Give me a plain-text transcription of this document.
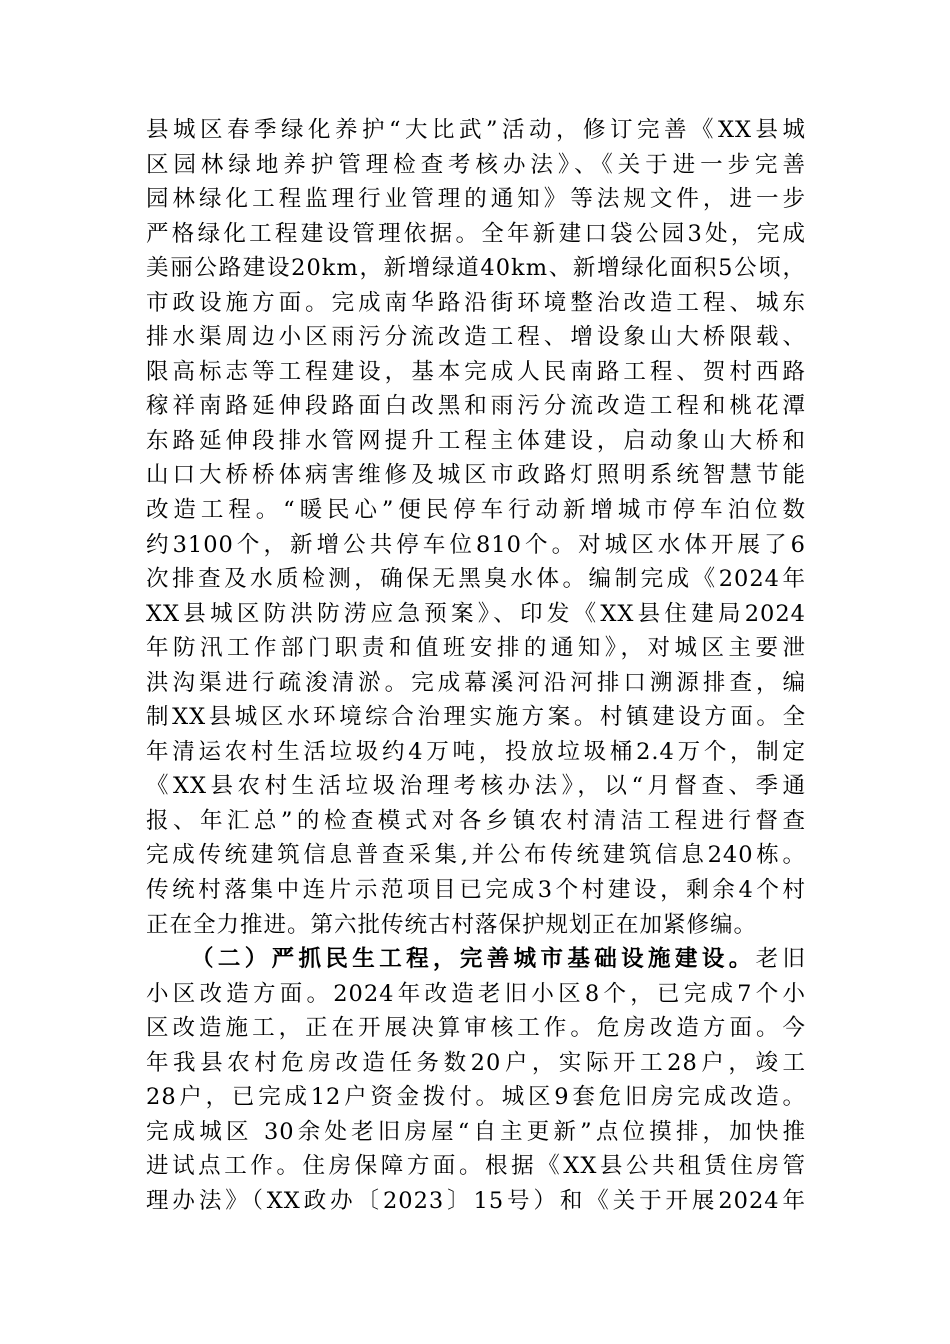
县城区春季绿化养护“大比武”活动，修订完善《XX县城
区园林绿地养护管理检查考核办法》、《关于进一步完善
园林绿化工程监理行业管理的通知》等法规文件，进一步
严格绿化工程建设管理依据。全年新建口袋公园3处，完成
美丽公路建设20km，新增绿道40km、新增绿化面积5公顷，
市政设施方面。完成南华路沿街环境整治改造工程、城东
排水渠周边小区雨污分流改造工程、增设象山大桥限载、
限高标志等工程建设，基本完成人民南路工程、贺村西路
稼祥南路延伸段路面白改黑和雨污分流改造工程和桃花潭
东路延伸段排水管网提升工程主体建设，启动象山大桥和
山口大桥桥体病害维修及城区市政路灯照明系统智慧节能
改造工程。“暖民心”便民停车行动新增城市停车泊位数
约3100个，新增公共停车位810个。对城区水体开展了6
次排查及水质检测，确保无黑臭水体。编制完成《2024年
XX县城区防洪防涝应急预案》、印发《XX县住建局2024
年防汛工作部门职责和值班安排的通知》，对城区主要泄
洪沟渠进行疏浚清淤。完成幕溪河沿河排口溯源排查，编
制XX县城区水环境综合治理实施方案。村镇建设方面。全
年清运农村生活垃圾约4万吨，投放垃圾桶2.4万个，制定
《XX县农村生活垃圾治理考核办法》，以“月督查、季通
报、年汇总”的检查模式对各乡镇农村清洁工程进行督查
完成传统建筑信息普查采集,并公布传统建筑信息240栋。
传统村落集中连片示范项目已完成3个村建设，剩余4个村
正在全力推进。第六批传统古村落保护规划正在加紧修编。
（二）严抓民生工程，完善城市基础设施建设。老旧
小区改造方面。2024年改造老旧小区8个，已完成7个小
区改造施工，正在开展决算审核工作。危房改造方面。今
年我县农村危房改造任务数20户，实际开工28户，竣工
28户，已完成12户资金拨付。城区9套危旧房完成改造。
完成城区 30余处老旧房屋“自主更新”点位摸排，加快推
进试点工作。住房保障方面。根据《XX县公共租赁住房管
理办法》（XX政办〔2023〕15号）和《关于开展2024年
